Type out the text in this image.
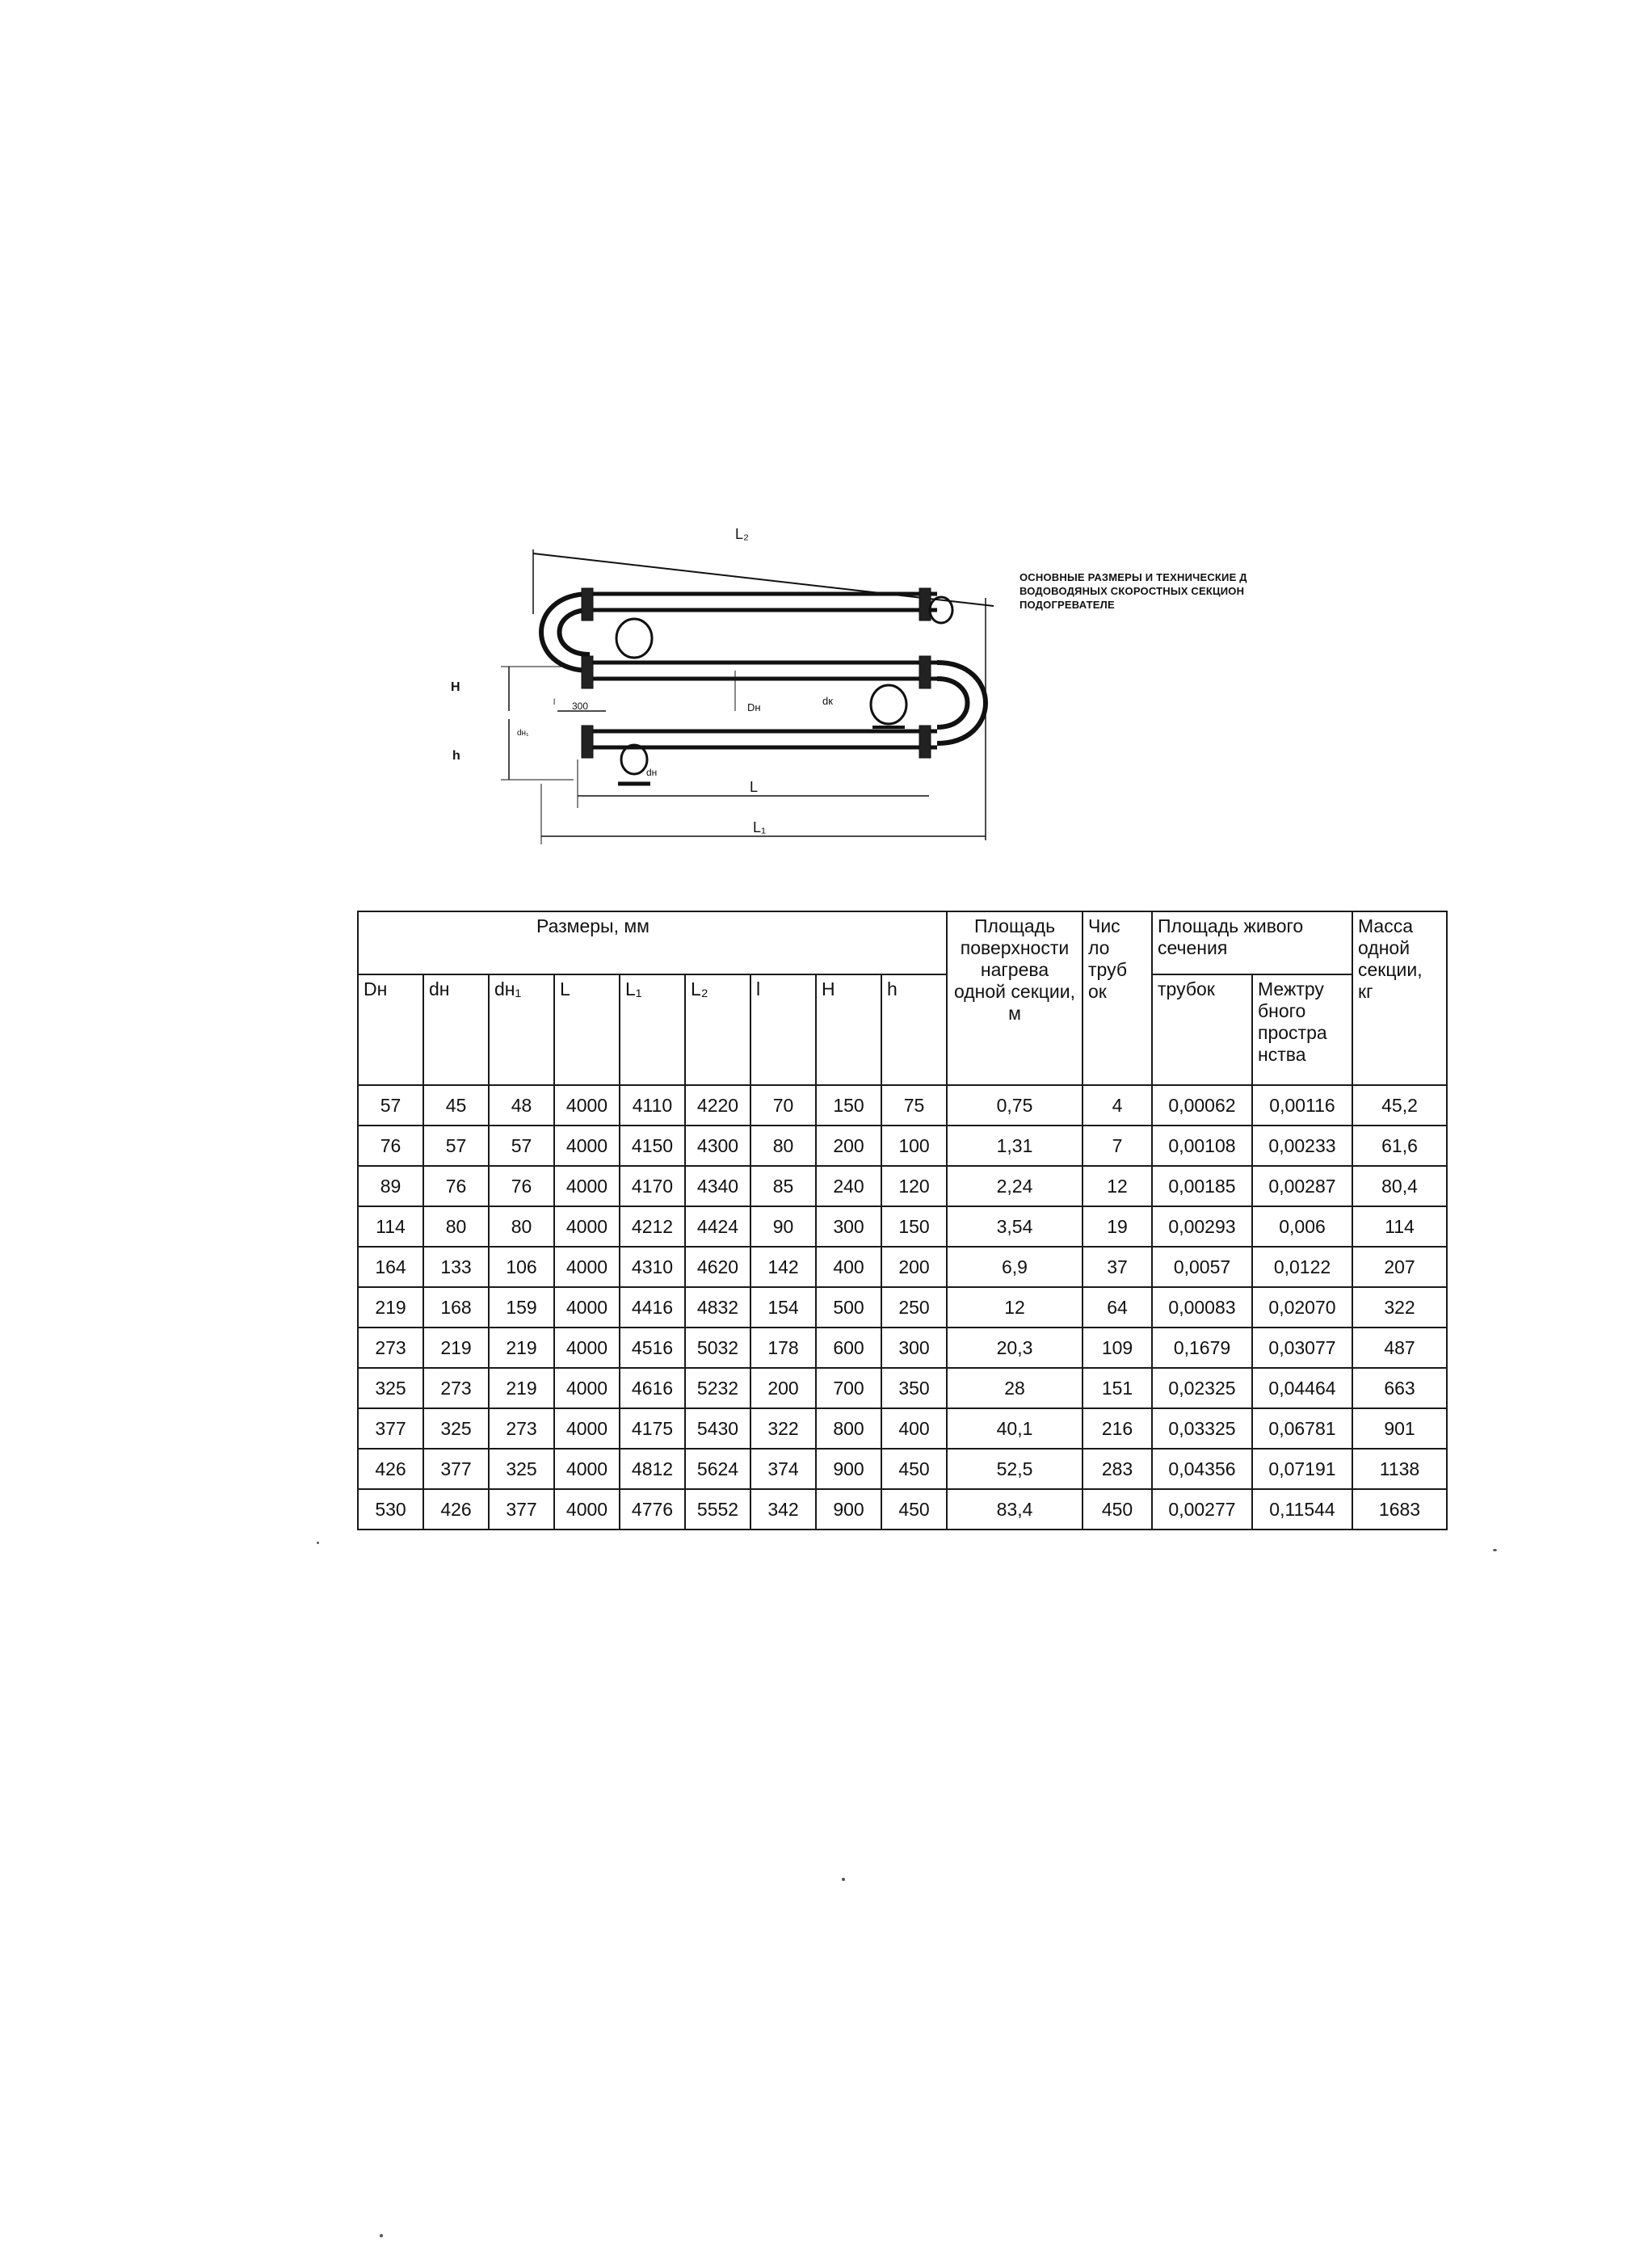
L₂
H
h
300	Dн
dк
dн₁
dн
l
L
L₁
ОСНОВНЫЕ РАЗМЕРЫ И ТЕХНИЧЕСКИЕ Д
ВОДОВОДЯНЫХ СКОРОСТНЫХ СЕКЦИОН
ПОДОГРЕВАТЕЛЕ
Размеры, мм									Площадь поверхности
нагрева одной секции, м	Чис ло
труб ок	Площадь живого сечения		Масса одной
секции, кг
Dн	dн	dн₁	L	L₁	L₂	l	H	h			трубок	Межтру бного простра нства	
57	45	48	4000	4110	4220	70	150	75	0,75	4	0,00062	0,00116	45,2
76	57	57	4000	4150	4300	80	200	100	1,31	7	0,00108	0,00233	61,6
89	76	76	4000	4170	4340	85	240	120	2,24	12	0,00185	0,00287	80,4
114	80	80	4000	4212	4424	90	300	150	3,54	19	0,00293	0,006	114
164	133	106	4000	4310	4620	142	400	200	6,9	37	0,0057	0,0122	207
219	168	159	4000	4416	4832	154	500	250	12	64	0,00083	0,02070	322
273	219	219	4000	4516	5032	178	600	300	20,3	109	0,1679	0,03077	487
325	273	219	4000	4616	5232	200	700	350	28	151	0,02325	0,04464	663
377	325	273	4000	4175	5430	322	800	400	40,1	216	0,03325	0,06781	901
426	377	325	4000	4812	5624	374	900	450	52,5	283	0,04356	0,07191	1138
530	426	377	4000	4776	5552	342	900	450	83,4	450	0,00277	0,11544	1683
